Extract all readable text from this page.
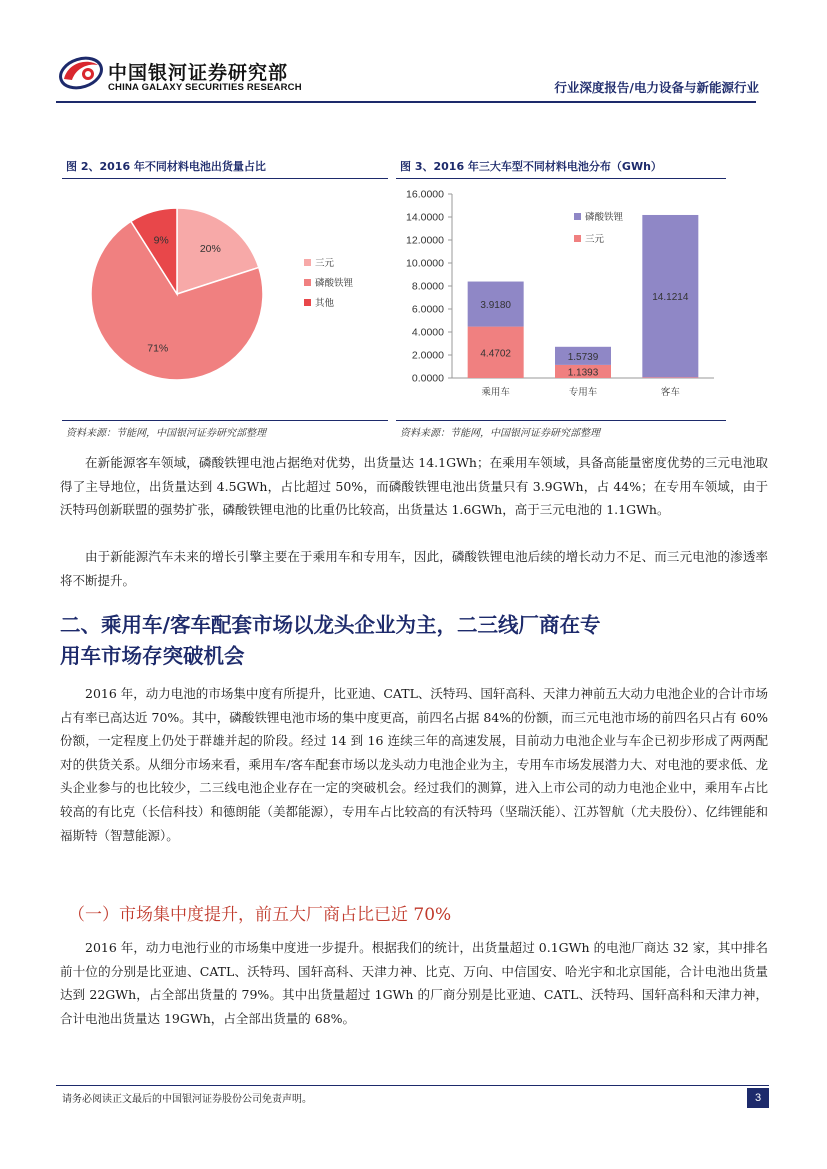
中国银河证券研究部
CHINA GALAXY SECURITIES RESEARCH	行业深度报告/电力设备与新能源行业
图 2、2016 年不同材料电池出货量占比
20%
71%
9%
三元
磷酸铁锂
其他
资料来源：节能网，中国银河证券研究部整理
图 3、2016 年三大车型不同材料电池分布（GWh）
0.0000
2.0000
4.0000
6.0000
8.0000
10.0000
12.0000
14.0000
16.0000
4.4702
3.9180
乘用车
1.1393
1.5739
专用车
14.1214
客车
磷酸铁锂
三元
资料来源：节能网，中国银河证券研究部整理
在新能源客车领域，磷酸铁锂电池占据绝对优势，出货量达 14.1GWh；在乘用车领域，具备高能量密度优势的三元电池取得了主导地位，出货量达到 4.5GWh，占比超过 50%，而磷酸铁锂电池出货量只有 3.9GWh，占 44%；在专用车领域，由于沃特玛创新联盟的强势扩张，磷酸铁锂电池的比重仍比较高，出货量达 1.6GWh，高于三元电池的 1.1GWh。
由于新能源汽车未来的增长引擎主要在于乘用车和专用车，因此，磷酸铁锂电池后续的增长动力不足、而三元电池的渗透率将不断提升。
二、乘用车/客车配套市场以龙头企业为主，二三线厂商在专用车市场存突破机会
2016 年，动力电池的市场集中度有所提升，比亚迪、CATL、沃特玛、国轩高科、天津力神前五大动力电池企业的合计市场占有率已高达近 70%。其中，磷酸铁锂电池市场的集中度更高，前四名占据 84%的份额，而三元电池市场的前四名只占有 60%份额，一定程度上仍处于群雄并起的阶段。经过 14 到 16 连续三年的高速发展，目前动力电池企业与车企已初步形成了两两配对的供货关系。从细分市场来看，乘用车/客车配套市场以龙头动力电池企业为主，专用车市场发展潜力大、对电池的要求低、龙头企业参与的也比较少，二三线电池企业存在一定的突破机会。经过我们的测算，进入上市公司的动力电池企业中，乘用车占比较高的有比克（长信科技）和德朗能（美都能源），专用车占比较高的有沃特玛（坚瑞沃能）、江苏智航（尤夫股份）、亿纬锂能和福斯特（智慧能源）。
（一）市场集中度提升，前五大厂商占比已近 70%
2016 年，动力电池行业的市场集中度进一步提升。根据我们的统计，出货量超过 0.1GWh 的电池厂商达 32 家，其中排名前十位的分别是比亚迪、CATL、沃特玛、国轩高科、天津力神、比克、万向、中信国安、哈光宇和北京国能，合计电池出货量达到 22GWh，占全部出货量的 79%。其中出货量超过 1GWh 的厂商分别是比亚迪、CATL、沃特玛、国轩高科和天津力神，合计电池出货量达 19GWh，占全部出货量的 68%。
请务必阅读正文最后的中国银河证券股份公司免责声明。	3
